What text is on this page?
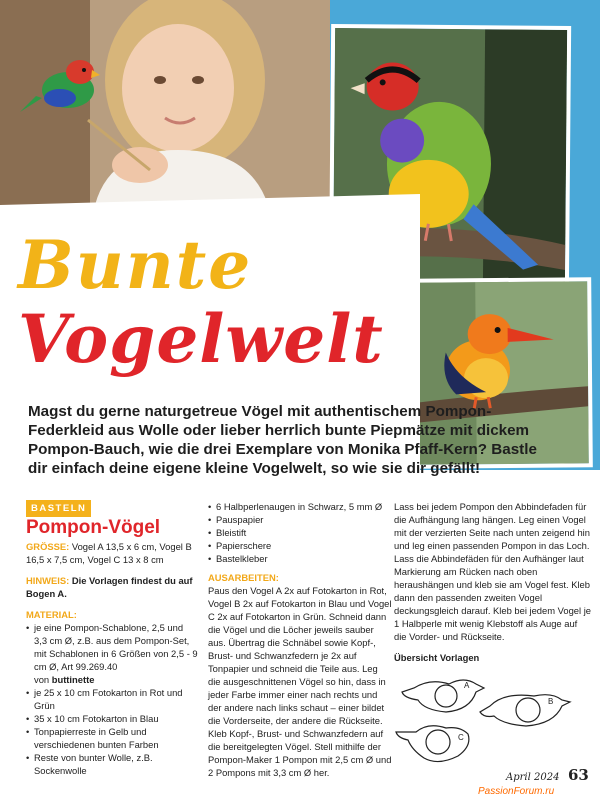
Bunte
Vogelwelt

Magst du gerne naturgetreue Vögel mit authentischem Pompon-Federkleid aus Wolle oder lieber herrlich bunte Piepmätze mit dickem Pompon-Bauch, wie die drei Exemplare von Monika Pfaff-Kern? Bastle dir einfach deine eigene kleine Vogelwelt, so wie sie dir gefällt!

BASTELN
Pompon-Vögel

GRÖSSE: Vogel A 13,5 x 6 cm, Vogel B 16,5 x 7,5 cm, Vogel C 13 x 8 cm

HINWEIS: Die Vorlagen findest du auf Bogen A.

MATERIAL:
• je eine Pompon-Schablone, 2,5 und 3,3 cm Ø, z.B. aus dem Pompon-Set, mit Schablonen in 6 Größen von 2,5 - 9 cm Ø, Art 99.269.40
von buttinette
• je 25 x 10 cm Fotokarton in Rot und Grün
• 35 x 10 cm Fotokarton in Blau
• Tonpapierreste in Gelb und verschiedenen bunten Farben
• Reste von bunter Wolle, z.B. Sockenwolle
• 6 Halbperlenaugen in Schwarz, 5 mm Ø
• Pauspapier
• Bleistift
• Papierschere
• Bastelkleber
AUSARBEITEN:

Paus den Vogel A 2x auf Fotokarton in Rot, Vogel B 2x auf Fotokarton in Blau und Vogel C 2x auf Fotokarton in Grün. Schneid dann die Vögel und die Löcher jeweils sauber aus. Übertrag die Schnäbel sowie Kopf-, Brust- und Schwanzfedern je 2x auf Tonpapier und schneid die Teile aus. Leg die ausgeschnittenen Vögel so hin, dass in jeder Farbe immer einer nach rechts und der andere nach links schaut – einer bildet die Vorderseite, der andere die Rückseite. Kleb Kopf-, Brust- und Schwanzfedern auf die bereitgelegten Vögel. Stell mithilfe der Pompon-Maker 1 Pompon mit 2,5 cm Ø und 2 Pompons mit 3,3 cm Ø her.

Lass bei jedem Pompon den Abbindefaden für die Aufhängung lang hängen. Leg einen Vogel mit der verzierten Seite nach unten zeigend hin und leg einen passenden Pompon in das Loch. Lass die Abbindefäden für den Aufhänger laut Markierung am Rücken nach oben heraushängen und kleb sie am Vogel fest. Kleb dann den passenden zweiten Vogel deckungsgleich darauf. Kleb bei jedem Vogel je 1 Halbperle mit wenig Klebstoff als Auge auf die Vorder- und Rückseite.

Übersicht Vorlagen
A
B
C
April 2024 63
PassionForum.ru
